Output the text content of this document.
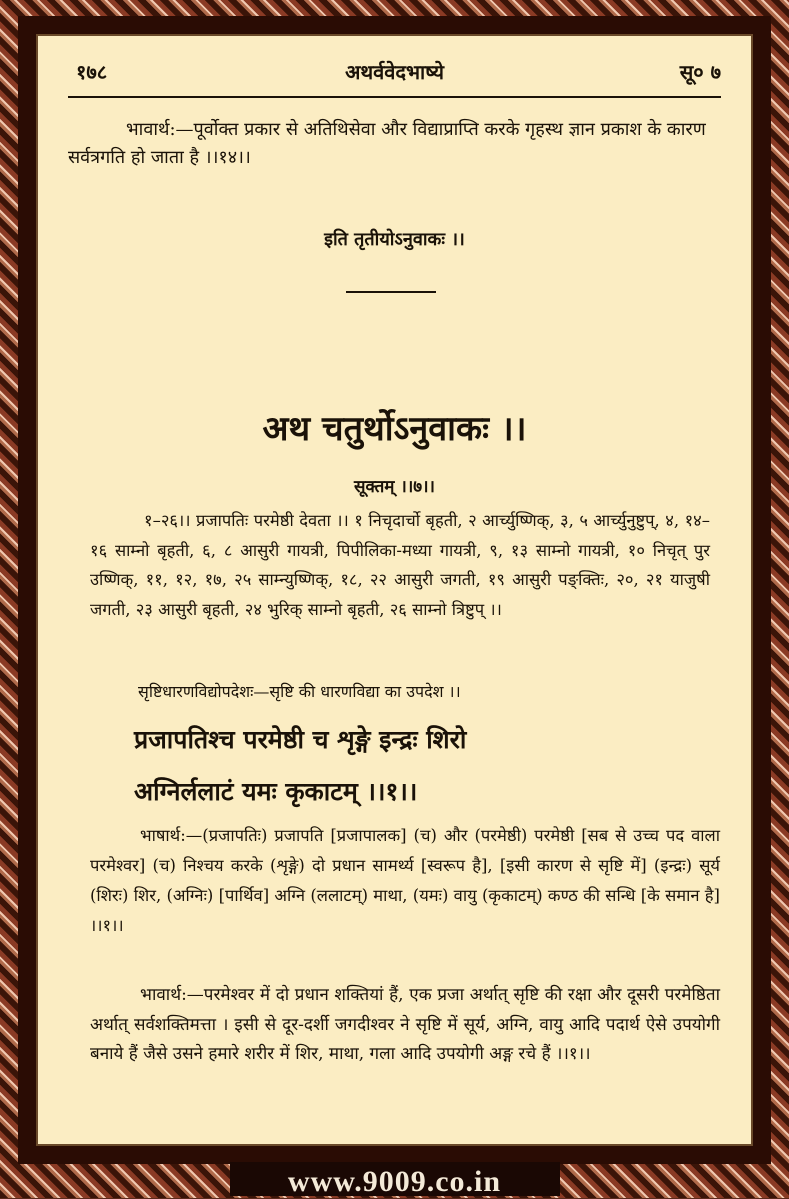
१७८	अथर्ववेदभाष्ये	सू० ७
भावार्थ:—पूर्वोक्त प्रकार से अतिथिसेवा और विद्याप्राप्ति करके गृहस्थ ज्ञान प्रकाश के कारण सर्वत्रगति हो जाता है ।।१४।।
इति तृतीयोऽनुवाकः ।।
अथ चतुर्थोऽनुवाकः ।।
सूक्तम् ।।७।।
१–२६।। प्रजापतिः परमेष्ठी देवता ।। १ निचृदार्चो बृहती, २ आर्च्युष्णिक्, ३, ५ आर्च्युनुष्टुप्, ४, १४–१६ साम्नो बृहती, ६, ८ आसुरी गायत्री, पिपीलिका-मध्या गायत्री, ९, १३ साम्नो गायत्री, १० निचृत् पुर उष्णिक्, ११, १२, १७, २५ साम्न्युष्णिक्, १८, २२ आसुरी जगती, १९ आसुरी पङ्क्तिः, २०, २१ याजुषी जगती, २३ आसुरी बृहती, २४ भुरिक् साम्नो बृहती, २६ साम्नो त्रिष्टुप् ।।
सृष्टिधारणविद्योपदेशः—सृष्टि की धारणविद्या का उपदेश ।।
प्रजापतिश्च परमेष्ठी च शृङ्गे इन्द्रः शिरो
अग्निर्ललाटं यमः कृकाटम् ।।१।।
भाषार्थ:—(प्रजापतिः) प्रजापति [प्रजापालक] (च) और (परमेष्ठी) परमेष्ठी [सब से उच्च पद वाला परमेश्वर] (च) निश्चय करके (शृङ्गे) दो प्रधान सामर्थ्य [स्वरूप है], [इसी कारण से सृष्टि में] (इन्द्रः) सूर्य (शिरः) शिर, (अग्निः) [पार्थिव] अग्नि (ललाटम्) माथा, (यमः) वायु (कृकाटम्) कण्ठ की सन्धि [के समान है] ।।१।।
भावार्थ:—परमेश्वर में दो प्रधान शक्तियां हैं, एक प्रजा अर्थात् सृष्टि की रक्षा और दूसरी परमेष्ठिता अर्थात् सर्वशक्तिमत्ता । इसी से दूर-दर्शी जगदीश्वर ने सृष्टि में सूर्य, अग्नि, वायु आदि पदार्थ ऐसे उपयोगी बनाये हैं जैसे उसने हमारे शरीर में शिर, माथा, गला आदि उपयोगी अङ्ग रचे हैं ।।१।।
www.9009.co.in
